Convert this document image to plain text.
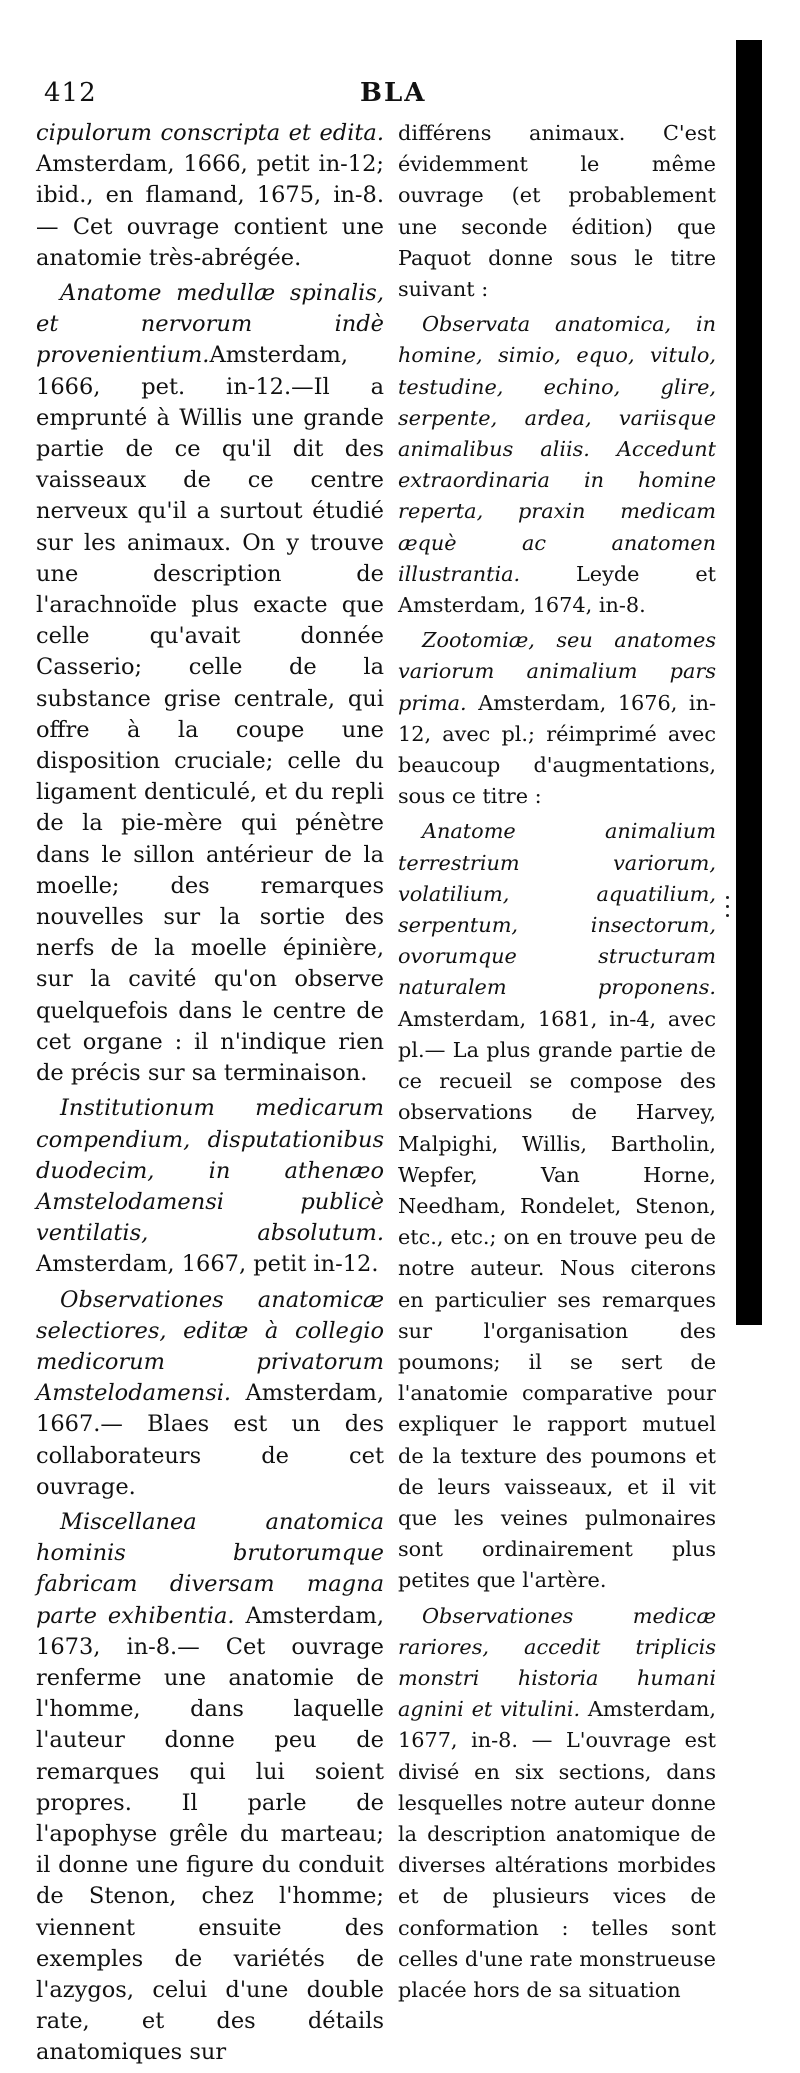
412	BLA

cipulorum conscripta et edita. Amsterdam, 1666, petit in-12; ibid., en flamand, 1675, in-8. — Cet ouvrage contient une anatomie très-abrégée.

Anatome medullæ spinalis, et nervorum indè provenientium.Amsterdam, 1666, pet. in-12.—Il a emprunté à Willis une grande partie de ce qu'il dit des vaisseaux de ce centre nerveux qu'il a surtout étudié sur les animaux. On y trouve une description de l'arachnoïde plus exacte que celle qu'avait donnée Casserio; celle de la substance grise centrale, qui offre à la coupe une disposition cruciale; celle du ligament denticulé, et du repli de la pie-mère qui pénètre dans le sillon antérieur de la moelle; des remarques nouvelles sur la sortie des nerfs de la moelle épinière, sur la cavité qu'on observe quelquefois dans le centre de cet organe : il n'indique rien de précis sur sa terminaison.

Institutionum medicarum compendium, disputationibus duodecim, in athenæo Amstelodamensi publicè ventilatis, absolutum. Amsterdam, 1667, petit in-12.

Observationes anatomicæ selectiores, editæ à collegio medicorum privatorum Amstelodamensi. Amsterdam, 1667.— Blaes est un des collaborateurs de cet ouvrage.

Miscellanea anatomica hominis brutorumque fabricam diversam magna parte exhibentia. Amsterdam, 1673, in-8.— Cet ouvrage renferme une anatomie de l'homme, dans laquelle l'auteur donne peu de remarques qui lui soient propres. Il parle de l'apophyse grêle du marteau; il donne une figure du conduit de Stenon, chez l'homme; viennent ensuite des exemples de variétés de l'azygos, celui d'une double rate, et des détails anatomiques sur

différens animaux. C'est évidemment le même ouvrage (et probablement une seconde édition) que Paquot donne sous le titre suivant :

Observata anatomica, in homine, simio, equo, vitulo, testudine, echino, glire, serpente, ardea, variisque animalibus aliis. Accedunt extraordinaria in homine reperta, praxin medicam æquè ac anatomen illustrantia. Leyde et Amsterdam, 1674, in-8.

Zootomiæ, seu anatomes variorum animalium pars prima. Amsterdam, 1676, in-12, avec pl.; réimprimé avec beaucoup d'augmentations, sous ce titre :

Anatome animalium terrestrium variorum, volatilium, aquatilium, serpentum, insectorum, ovorumque structuram naturalem proponens. Amsterdam, 1681, in-4, avec pl.— La plus grande partie de ce recueil se compose des observations de Harvey, Malpighi, Willis, Bartholin, Wepfer, Van Horne, Needham, Rondelet, Stenon, etc., etc.; on en trouve peu de notre auteur. Nous citerons en particulier ses remarques sur l'organisation des poumons; il se sert de l'anatomie comparative pour expliquer le rapport mutuel de la texture des poumons et de leurs vaisseaux, et il vit que les veines pulmonaires sont ordinairement plus petites que l'artère.

Observationes medicæ rariores, accedit triplicis monstri historia humani agnini et vitulini. Amsterdam, 1677, in-8. — L'ouvrage est divisé en six sections, dans lesquelles notre auteur donne la description anatomique de diverses altérations morbides et de plusieurs vices de conformation : telles sont celles d'une rate monstrueuse placée hors de sa situation
